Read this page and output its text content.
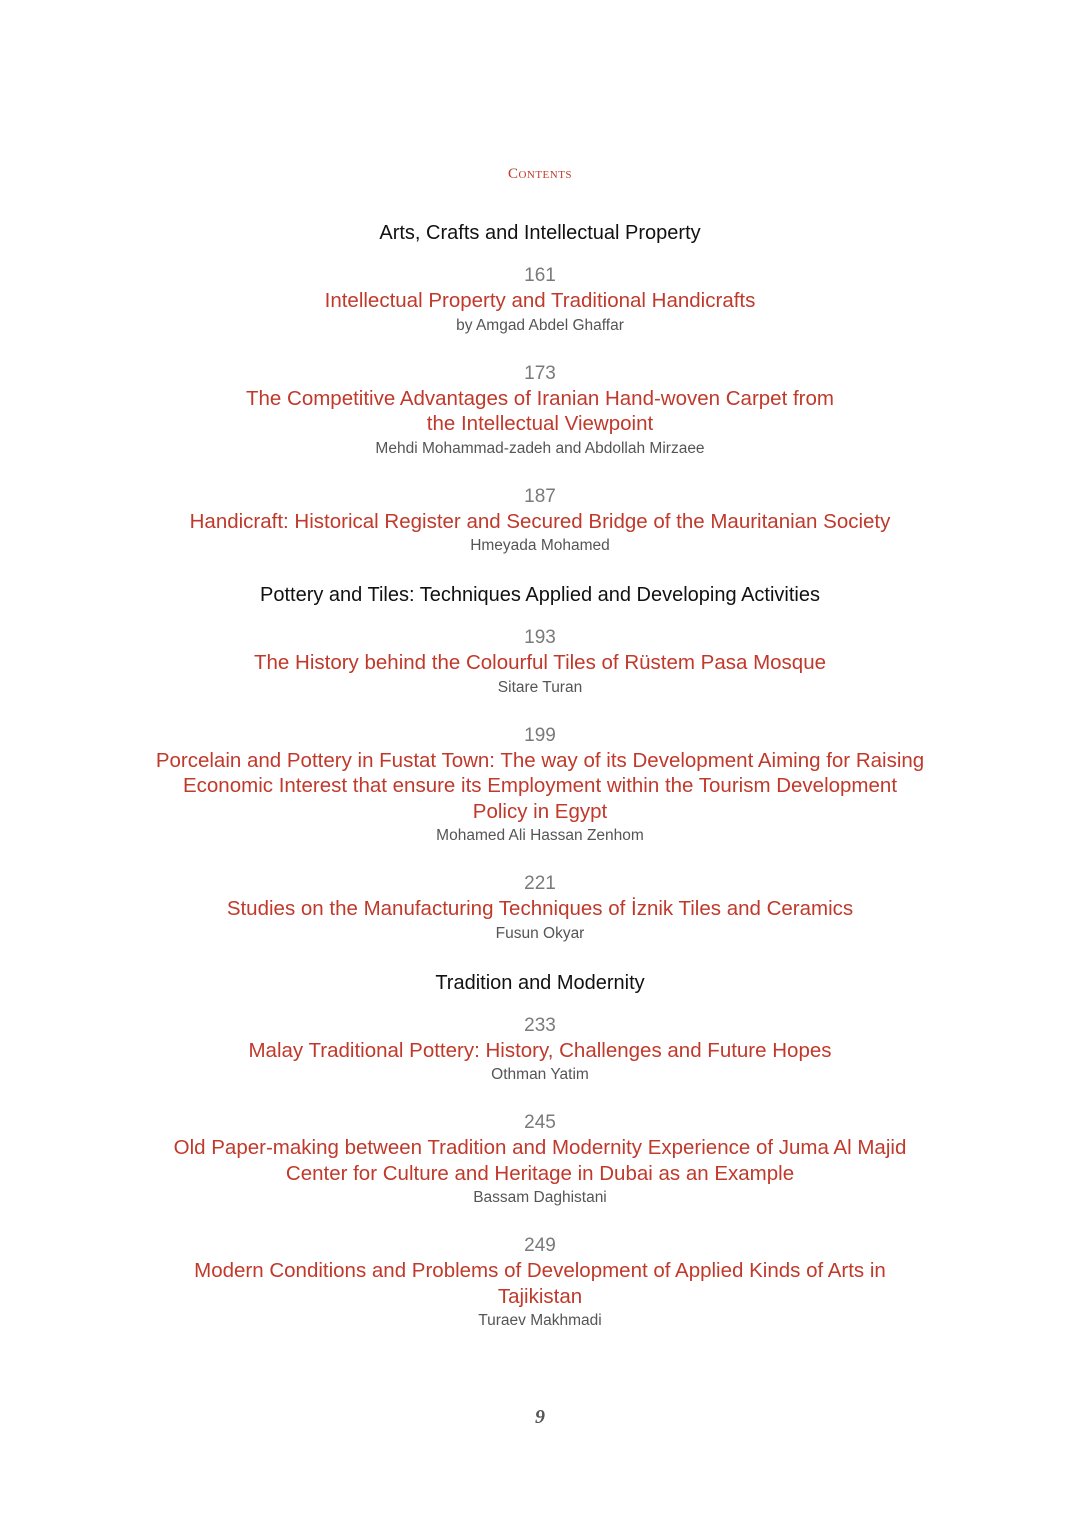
Contents
Arts, Crafts and Intellectual Property
161
Intellectual Property and Traditional Handicrafts
by Amgad Abdel Ghaffar
173
The Competitive Advantages of Iranian Hand-woven Carpet from
the Intellectual Viewpoint
Mehdi Mohammad-zadeh and Abdollah Mirzaee
187
Handicraft: Historical Register and Secured Bridge of the Mauritanian Society
Hmeyada Mohamed
Pottery and Tiles: Techniques Applied and Developing Activities
193
The History behind the Colourful Tiles of Rüstem Pasa Mosque
Sitare Turan
199
Porcelain and Pottery in Fustat Town: The way of its Development Aiming for Raising
Economic Interest that ensure its Employment within the Tourism Development
Policy in Egypt
Mohamed Ali Hassan Zenhom
221
Studies on the Manufacturing Techniques of İznik Tiles and Ceramics
Fusun Okyar
Tradition and Modernity
233
Malay Traditional Pottery: History, Challenges and Future Hopes
Othman Yatim
245
Old Paper-making between Tradition and Modernity Experience of Juma Al Majid
Center for Culture and Heritage in Dubai as an Example
Bassam Daghistani
249
Modern Conditions and Problems of Development of Applied Kinds of Arts in
Tajikistan
Turaev Makhmadi
9
